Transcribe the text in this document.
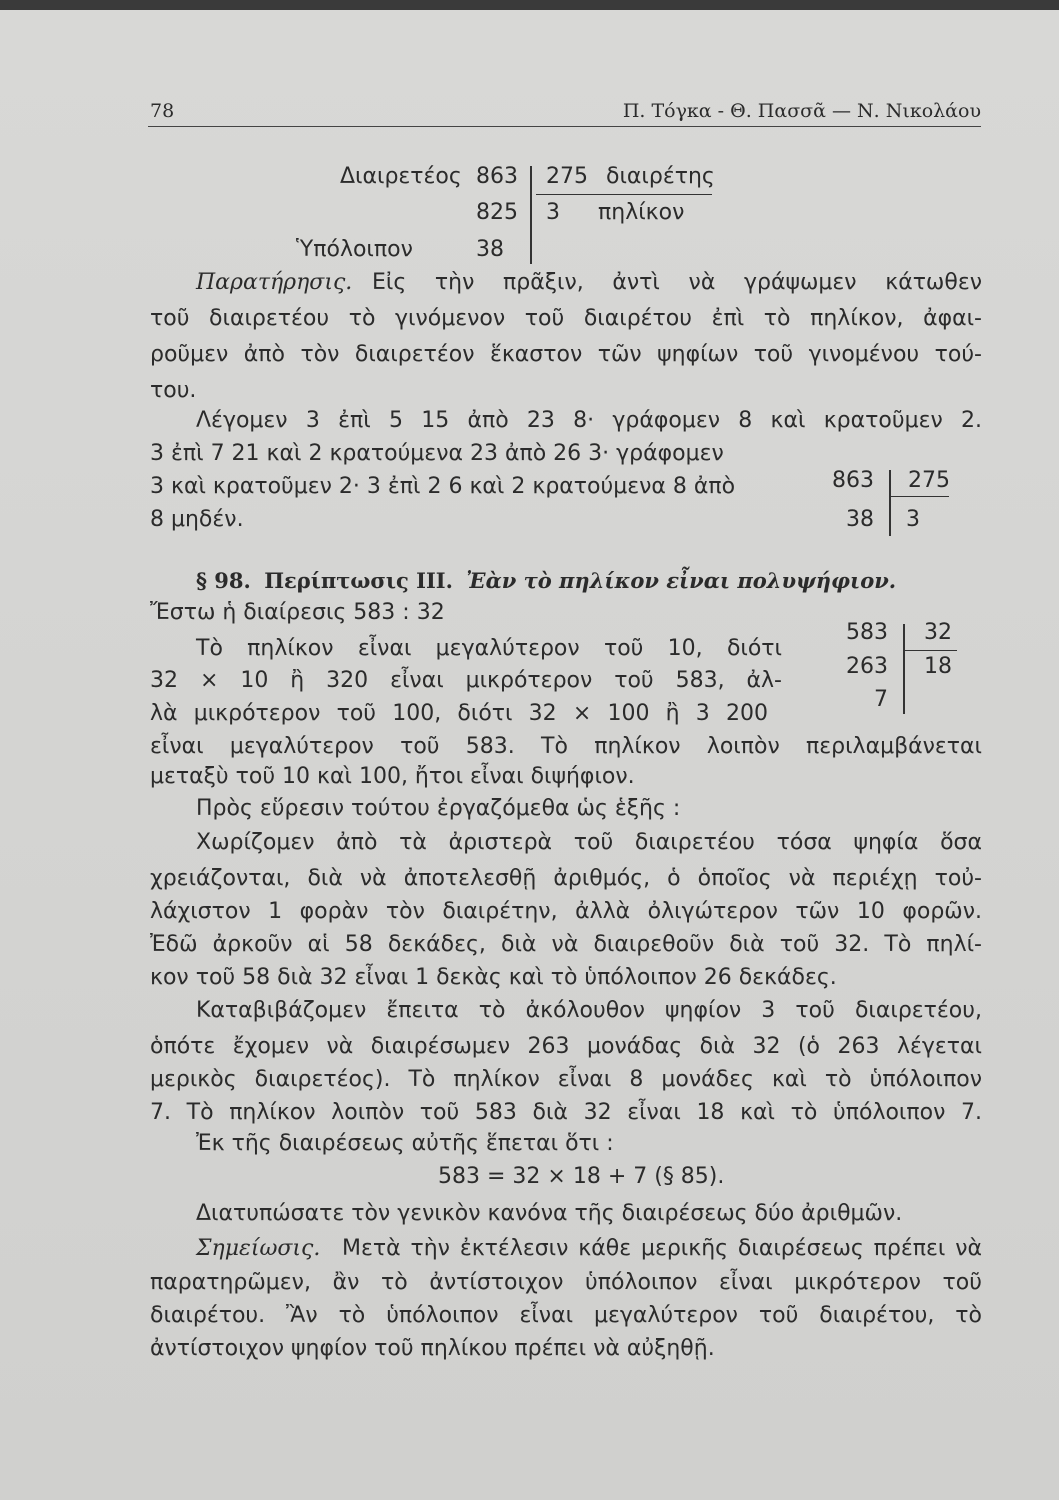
78	Π. Τόγκα - Θ. Πασσᾶ — Ν. Νικολάου
Διαιρετέος 863
825
Ὑπόλοιπον	38
275 διαιρέτης
3 πηλίκον
Παρατήρησις. Εἰς τὴν πρᾶξιν, ἀντὶ νὰ γράψωμεν κάτωθεν
τοῦ διαιρετέου τὸ γινόμενον τοῦ διαιρέτου ἐπὶ τὸ πηλίκον, ἀφαι-
ροῦμεν ἀπὸ τὸν διαιρετέον ἕκαστον τῶν ψηφίων τοῦ γινομένου τού-
του.
Λέγομεν 3 ἐπὶ 5 15 ἀπὸ 23 8· γράφομεν 8 καὶ κρατοῦμεν 2.
3 ἐπὶ 7 21 καὶ 2 κρατούμενα 23 ἀπὸ 26 3· γράφομεν
3 καὶ κρατοῦμεν 2· 3 ἐπὶ 2 6 καὶ 2 κρατούμενα 8 ἀπὸ
8 μηδέν.
863
38
275
3
§ 98. Περίπτωσις ΙΙΙ. Ἐὰν τὸ πηλίκον εἶναι πολυψήφιον.
Ἔστω ἡ διαίρεσις 583 : 32
Τὸ πηλίκον εἶναι μεγαλύτερον τοῦ 10, διότι
32 × 10 ἢ 320 εἶναι μικρότερον τοῦ 583, ἀλ-
λὰ μικρότερον τοῦ 100, διότι 32 × 100 ἢ 3 200
εἶναι μεγαλύτερον τοῦ 583. Τὸ πηλίκον λοιπὸν περιλαμβάνεται
μεταξὺ τοῦ 10 καὶ 100, ἤτοι εἶναι διψήφιον.
Πρὸς εὕρεσιν τούτου ἐργαζόμεθα ὡς ἑξῆς :
Χωρίζομεν ἀπὸ τὰ ἀριστερὰ τοῦ διαιρετέου τόσα ψηφία ὅσα
χρειάζονται, διὰ νὰ ἀποτελεσθῇ ἀριθμός, ὁ ὁποῖος νὰ περιέχῃ τοὐ-
λάχιστον 1 φορὰν τὸν διαιρέτην, ἀλλὰ ὀλιγώτερον τῶν 10 φορῶν.
Ἐδῶ ἀρκοῦν αἱ 58 δεκάδες, διὰ νὰ διαιρεθοῦν διὰ τοῦ 32. Τὸ πηλί-
κον τοῦ 58 διὰ 32 εἶναι 1 δεκὰς καὶ τὸ ὑπόλοιπον 26 δεκάδες.
Καταβιβάζομεν ἔπειτα τὸ ἀκόλουθον ψηφίον 3 τοῦ διαιρετέου,
ὁπότε ἔχομεν νὰ διαιρέσωμεν 263 μονάδας διὰ 32 (ὁ 263 λέγεται
μερικὸς διαιρετέος). Τὸ πηλίκον εἶναι 8 μονάδες καὶ τὸ ὑπόλοιπον
7. Τὸ πηλίκον λοιπὸν τοῦ 583 διὰ 32 εἶναι 18 καὶ τὸ ὑπόλοιπον 7.
Ἐκ τῆς διαιρέσεως αὐτῆς ἕπεται ὅτι :
583 = 32 × 18 + 7 (§ 85).
Διατυπώσατε τὸν γενικὸν κανόνα τῆς διαιρέσεως δύο ἀριθμῶν.
583
263
7
32
18
Σημείωσις. Μετὰ τὴν ἐκτέλεσιν κάθε μερικῆς διαιρέσεως πρέπει νὰ
παρατηρῶμεν, ἂν τὸ ἀντίστοιχον ὑπόλοιπον εἶναι μικρότερον τοῦ
διαιρέτου. Ἂν τὸ ὑπόλοιπον εἶναι μεγαλύτερον τοῦ διαιρέτου, τὸ
ἀντίστοιχον ψηφίον τοῦ πηλίκου πρέπει νὰ αὐξηθῇ.
